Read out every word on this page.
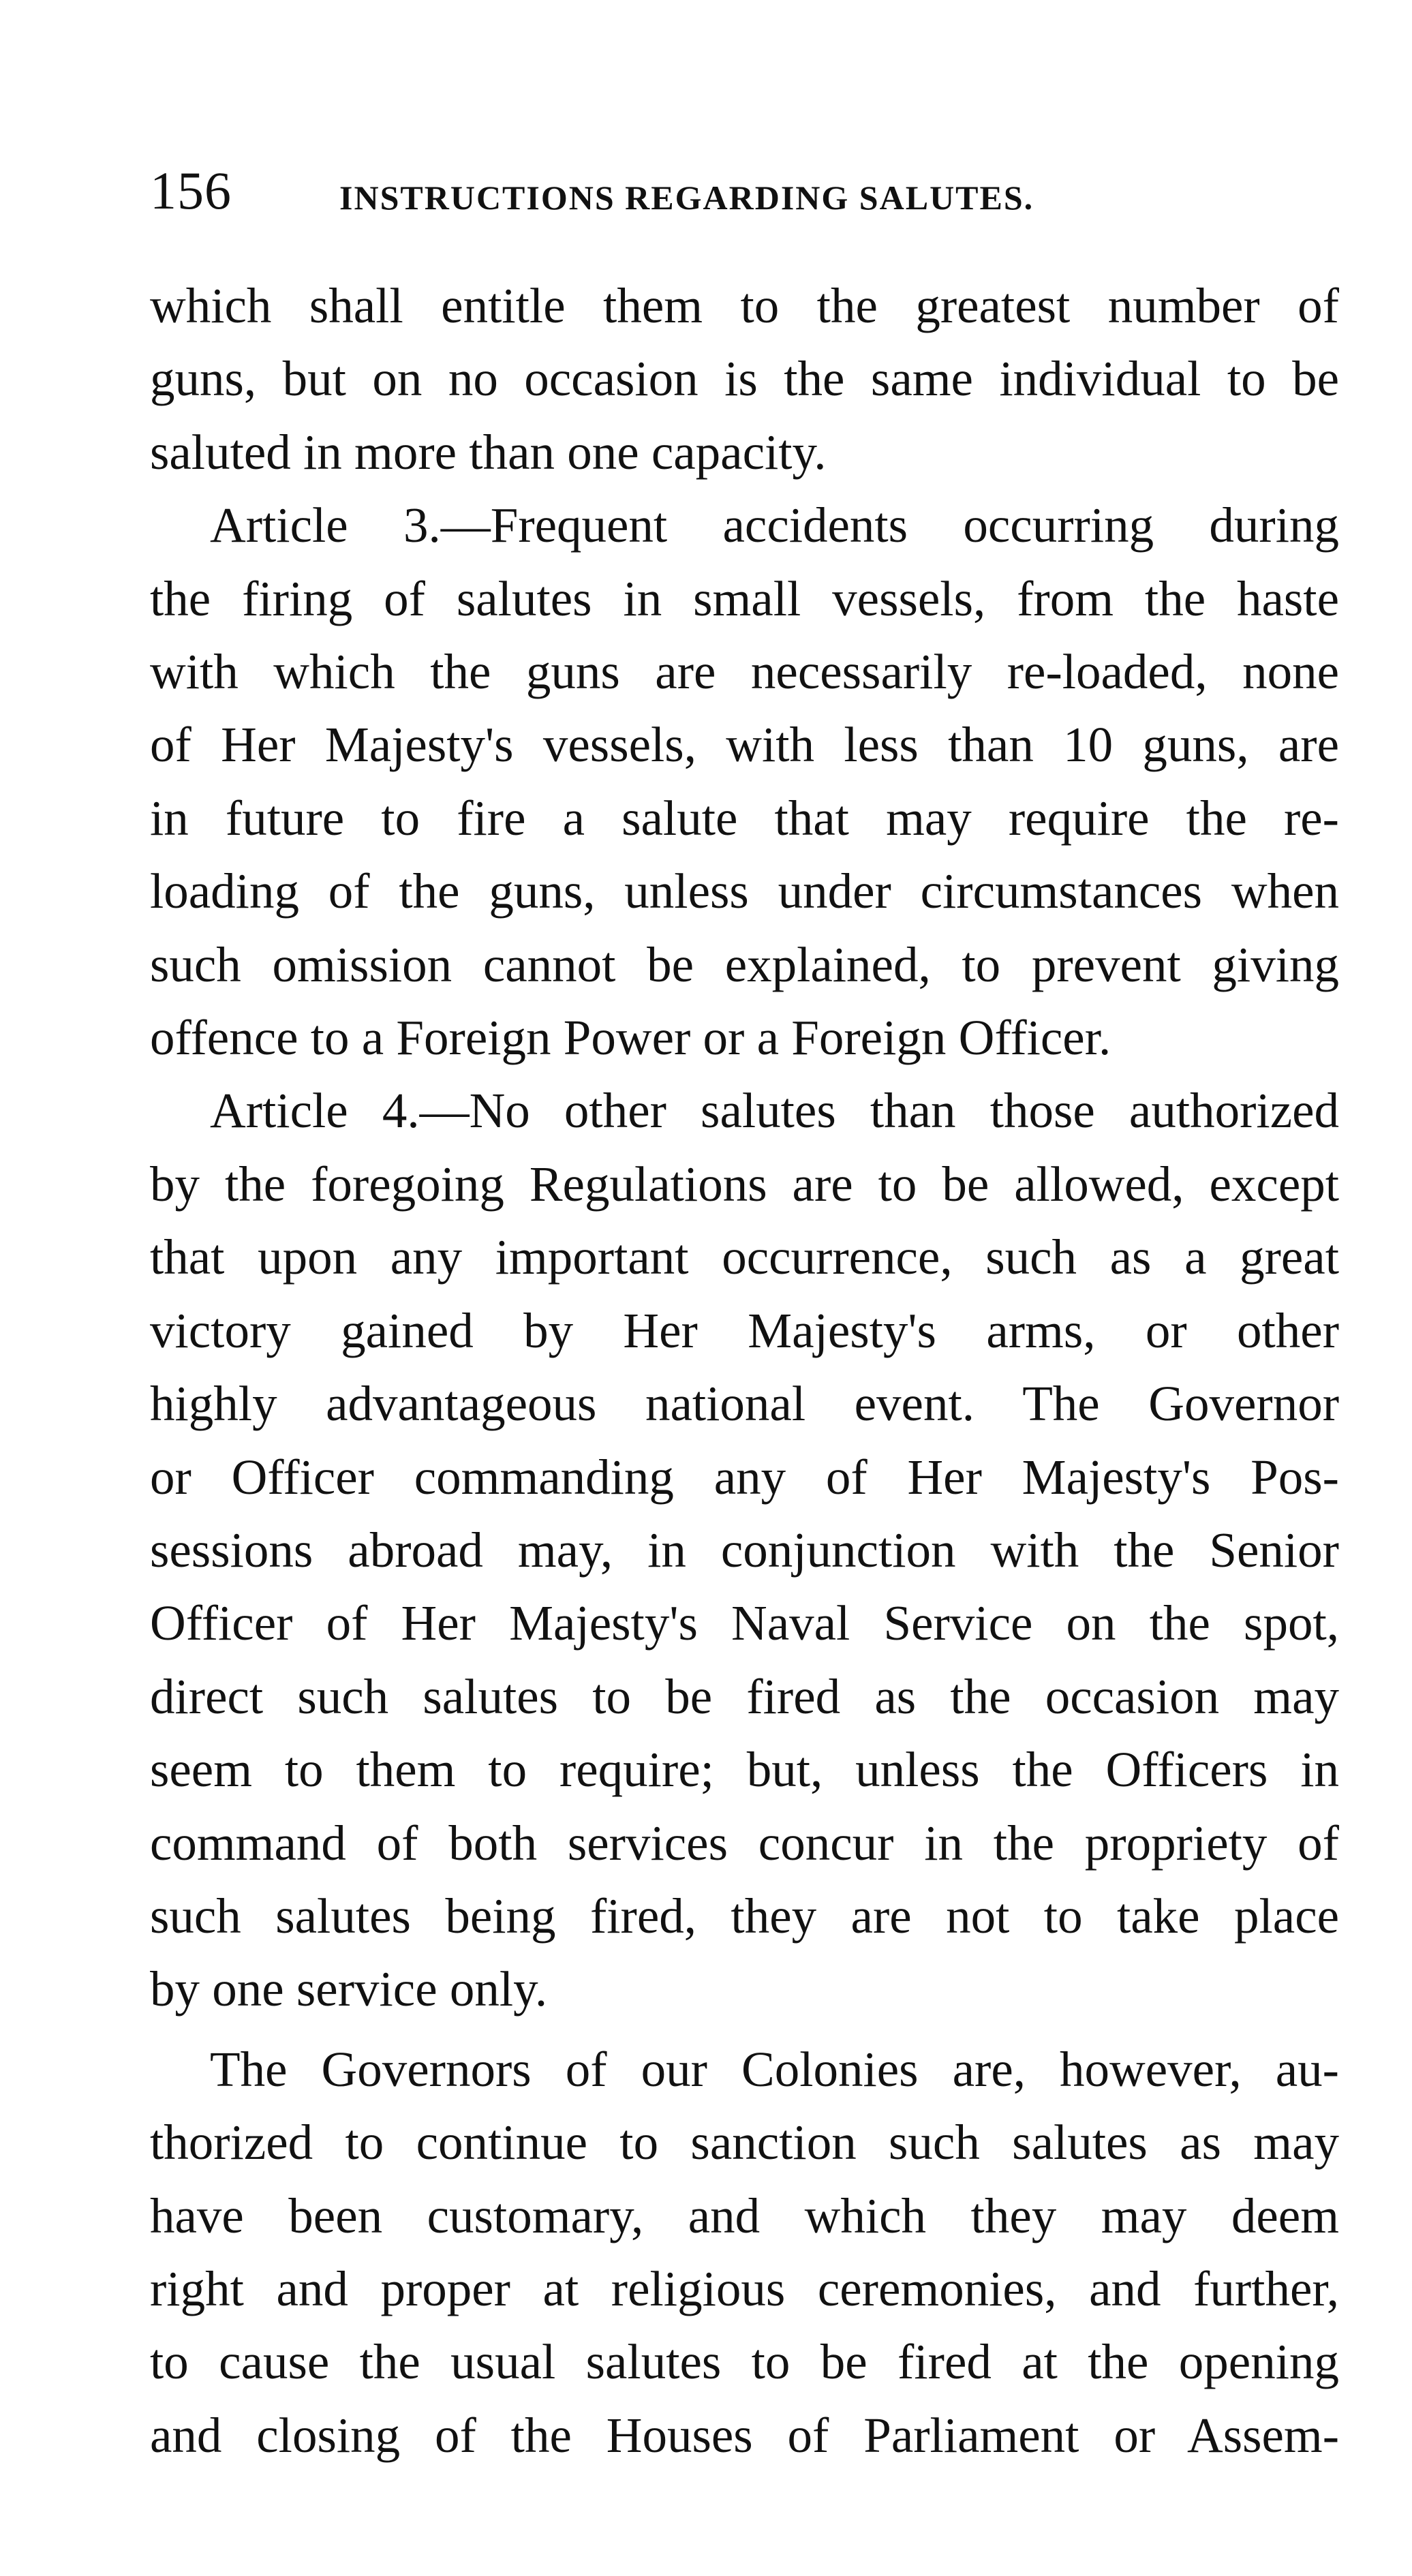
156	INSTRUCTIONS REGARDING SALUTES.

which shall entitle them to the greatest number of
guns, but on no occasion is the same individual to be
saluted in more than one capacity.

Article 3.—Frequent accidents occurring during
the firing of salutes in small vessels, from the haste
with which the guns are necessarily re-loaded, none
of Her Majesty's vessels, with less than 10 guns, are
in future to fire a salute that may require the re-
loading of the guns, unless under circumstances when
such omission cannot be explained, to prevent giving
offence to a Foreign Power or a Foreign Officer.

Article 4.—No other salutes than those authorized
by the foregoing Regulations are to be allowed, except
that upon any important occurrence, such as a great
victory gained by Her Majesty's arms, or other
highly advantageous national event. The Governor
or Officer commanding any of Her Majesty's Pos-
sessions abroad may, in conjunction with the Senior
Officer of Her Majesty's Naval Service on the spot,
direct such salutes to be fired as the occasion may
seem to them to require; but, unless the Officers in
command of both services concur in the propriety of
such salutes being fired, they are not to take place
by one service only.

The Governors of our Colonies are, however, au-
thorized to continue to sanction such salutes as may
have been customary, and which they may deem
right and proper at religious ceremonies, and further,
to cause the usual salutes to be fired at the opening
and closing of the Houses of Parliament or Assem-
